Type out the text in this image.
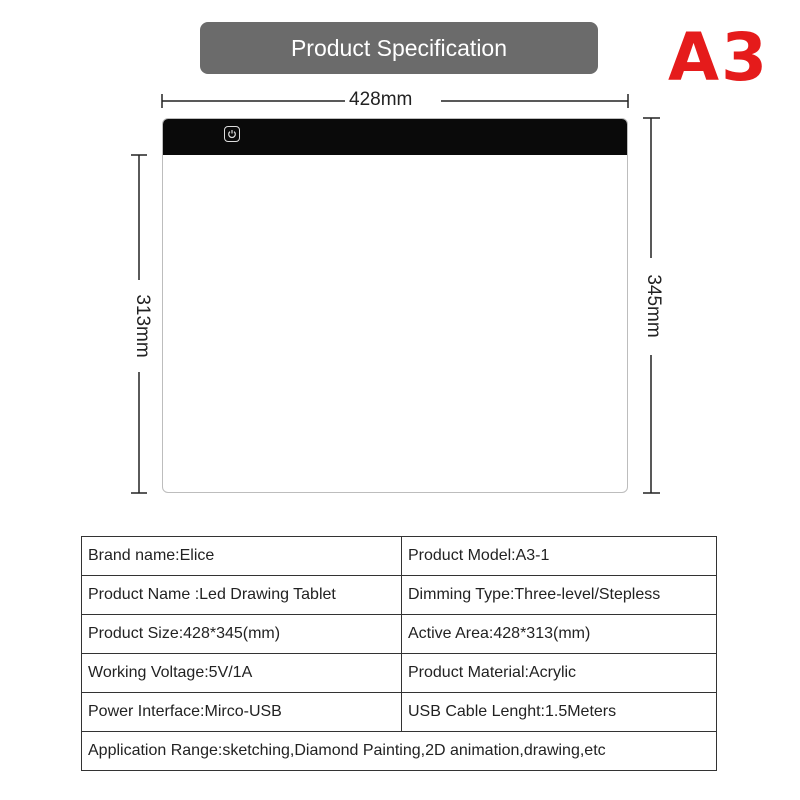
Product Specification	A3
428mm
313mm	345mm
Brand name:Elice	Product Model:A3-1
Product Name :Led Drawing Tablet	Dimming Type:Three-level/Stepless
Product Size:428*345(mm)	Active Area:428*313(mm)
Working Voltage:5V/1A	Product Material:Acrylic
Power Interface:Mirco-USB	USB Cable Lenght:1.5Meters
Application Range:sketching,Diamond Painting,2D animation,drawing,etc	
